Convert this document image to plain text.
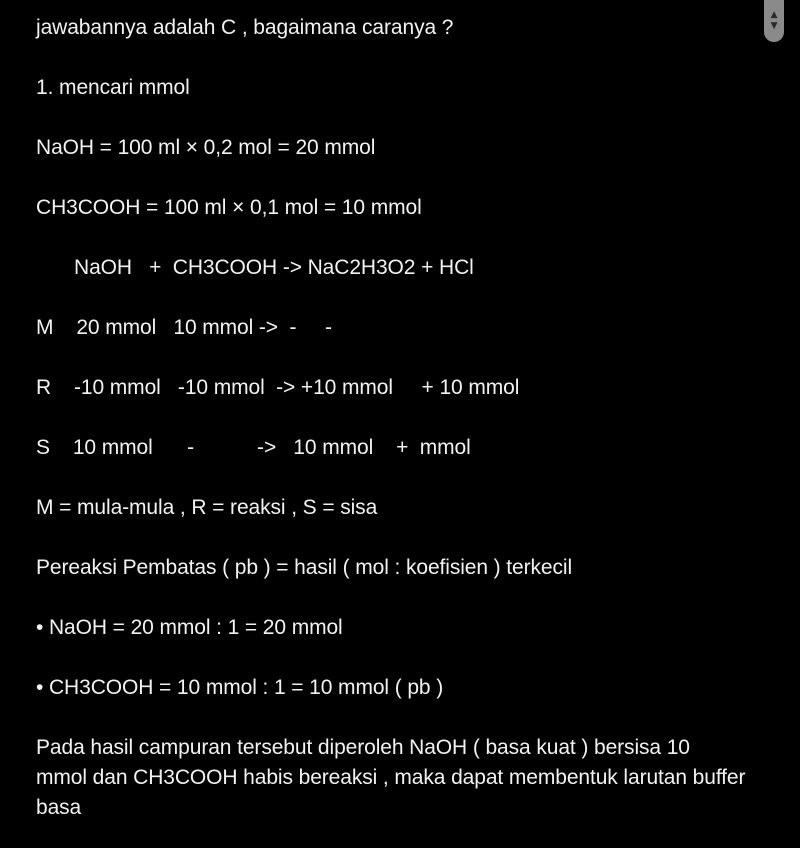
jawabannya adalah C , bagaimana caranya ?
1. mencari mmol
NaOH = 100 ml × 0,2 mol = 20 mmol
CH3COOH = 100 ml × 0,1 mol = 10 mmol
NaOH   +  CH3COOH -> NaC2H3O2 + HCl
M    20 mmol   10 mmol ->  -     -
R    -10 mmol   -10 mmol  -> +10 mmol     + 10 mmol
S    10 mmol      -           ->   10 mmol    +  mmol
M = mula-mula , R = reaksi , S = sisa
Pereaksi Pembatas ( pb ) = hasil ( mol : koefisien ) terkecil
• NaOH = 20 mmol : 1 = 20 mmol
• CH3COOH = 10 mmol : 1 = 10 mmol ( pb )
Pada hasil campuran tersebut diperoleh NaOH ( basa kuat ) bersisa 10 mmol dan CH3COOH habis bereaksi , maka dapat membentuk larutan buffer basa
▲
▼
